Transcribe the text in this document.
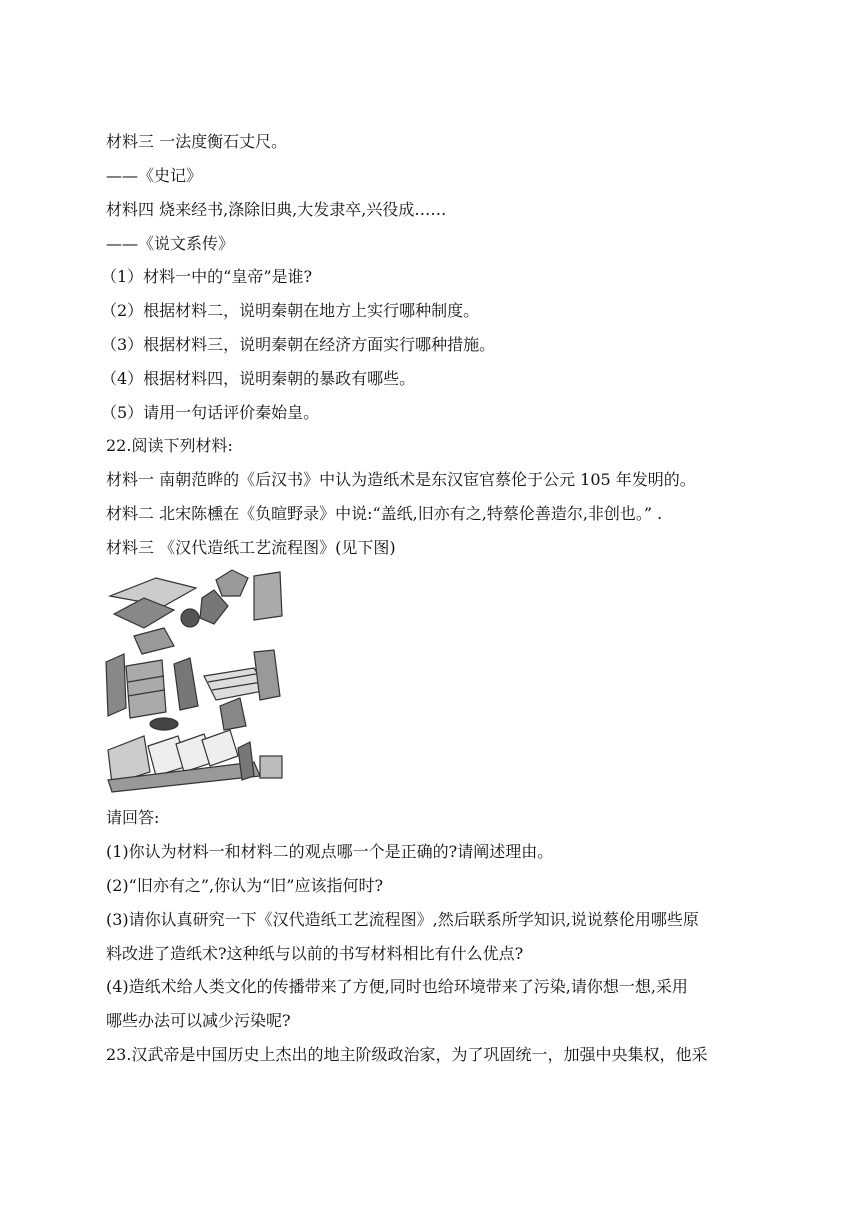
材料三 一法度衡石丈尺。
——《史记》
材料四 烧来经书,涤除旧典,大发隶卒,兴役成……
——《说文系传》
（1）材料一中的“皇帝”是谁?
（2）根据材料二，说明秦朝在地方上实行哪种制度。
（3）根据材料三，说明秦朝在经济方面实行哪种措施。
（4）根据材料四，说明秦朝的暴政有哪些。
（5）请用一句话评价秦始皇。
22.阅读下列材料:
材料一 南朝范晔的《后汉书》中认为造纸术是东汉宦官蔡伦于公元 105 年发明的。
材料二 北宋陈櫄在《负暄野录》中说:“盖纸,旧亦有之,特蔡伦善造尔,非创也。” .
材料三 《汉代造纸工艺流程图》(见下图)
请回答:
(1)你认为材料一和材料二的观点哪一个是正确的?请阐述理由。
(2)“旧亦有之”,你认为“旧”应该指何时?
(3)请你认真研究一下《汉代造纸工艺流程图》,然后联系所学知识,说说蔡伦用哪些原
料改进了造纸术?这种纸与以前的书写材料相比有什么优点?
(4)造纸术给人类文化的传播带来了方便,同时也给环境带来了污染,请你想一想,采用
哪些办法可以减少污染呢?
23.汉武帝是中国历史上杰出的地主阶级政治家，为了巩固统一，加强中央集权，他采
